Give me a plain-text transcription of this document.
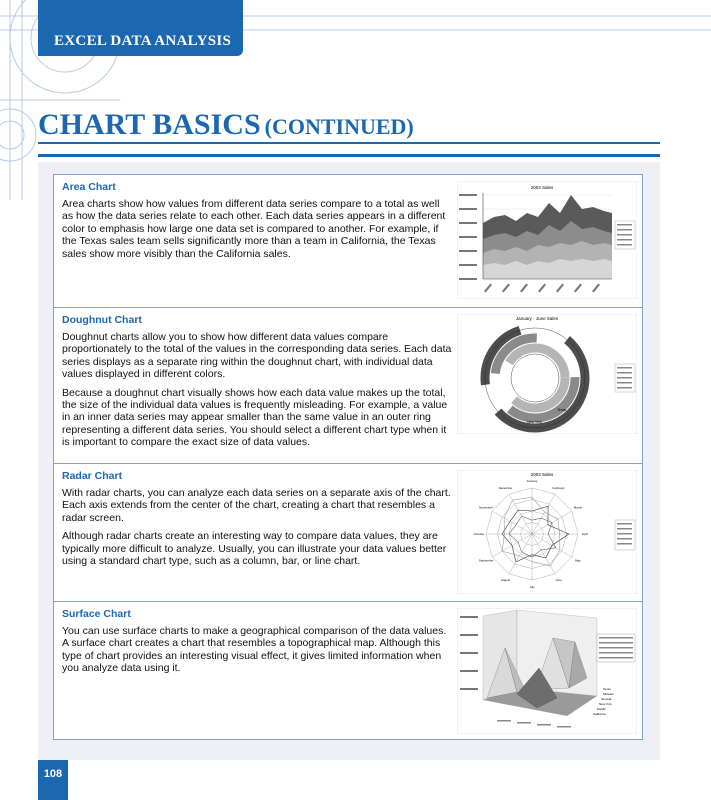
EXCEL DATA ANALYSIS
CHART BASICS (CONTINUED)

Area Chart

Area charts show how values from different data series compare to a total as well as how the data series relate to each other. Each data series appears in a different color to emphasis how large one data set is compared to another. For example, if the Texas sales team sells significantly more than a team in California, the Texas sales show more visibly than the California sales.

2003 Sales

Doughnut Chart

Doughnut charts allow you to show how different data values compare proportionately to the total of the values in the corresponding data series. Each data series displays as a separate ring within the doughnut chart, with individual data values displayed in different colors.

Because a doughnut chart visually shows how each data value makes up the total, the size of the individual data values is frequently misleading. For example, a value in an inner data series may appear smaller than the same value in an outer ring representing a different data series. You should select a different chart type when it is important to compare the exact size of data values.

January - June Sales
Texas
New York

Radar Chart

With radar charts, you can analyze each data series on a separate axis of the chart. Each axis extends from the center of the chart, creating a chart that resembles a radar screen.

Although radar charts create an interesting way to compare data values, they are typically more difficult to analyze. Usually, you can illustrate your data values better using a standard chart type, such as a column, bar, or line chart.

2003 Sales
January
February
March
April
May
June
July
August
September
October
November
December

Surface Chart

You can use surface charts to make a geographical comparison of the data values. A surface chart creates a chart that resembles a topographical map. Although this type of chart provides an interesting visual effect, it gives limited information when you analyze data using it.

Texas
Mideast
Nevada
New York
Pacific
California
108
